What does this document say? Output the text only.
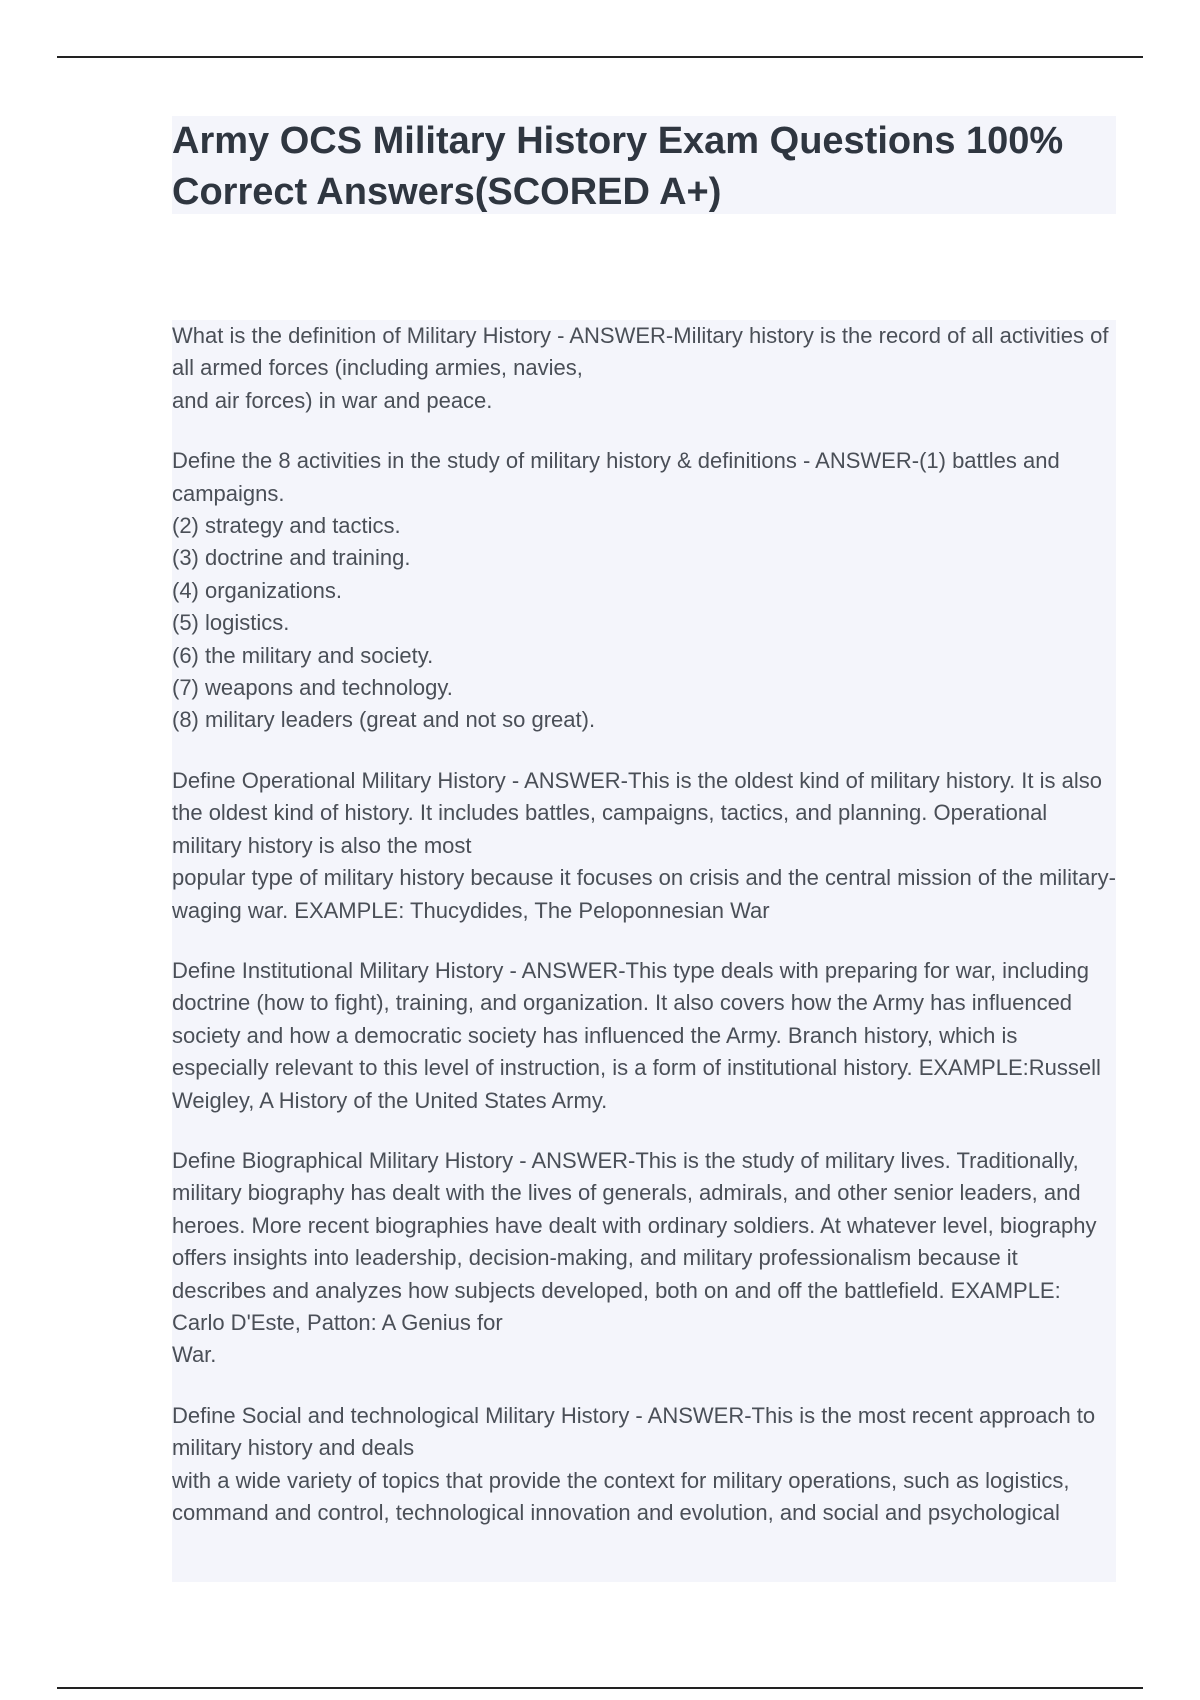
Army OCS Military History Exam Questions 100% Correct Answers(SCORED A+)

What is the definition of Military History - ANSWER-Military history is the record of all activities of all armed forces (including armies, navies,
and air forces) in war and peace.

Define the 8 activities in the study of military history & definitions - ANSWER-(1) battles and campaigns.
(2) strategy and tactics.
(3) doctrine and training.
(4) organizations.
(5) logistics.
(6) the military and society.
(7) weapons and technology.
(8) military leaders (great and not so great).

Define Operational Military History - ANSWER-This is the oldest kind of military history. It is also the oldest kind of history. It includes battles, campaigns, tactics, and planning. Operational military history is also the most
popular type of military history because it focuses on crisis and the central mission of the military-waging war. EXAMPLE: Thucydides, The Peloponnesian War

Define Institutional Military History - ANSWER-This type deals with preparing for war, including doctrine (how to fight), training, and organization. It also covers how the Army has influenced society and how a democratic society has influenced the Army. Branch history, which is especially relevant to this level of instruction, is a form of institutional history. EXAMPLE:Russell Weigley, A History of the United States Army.

Define Biographical Military History - ANSWER-This is the study of military lives. Traditionally, military biography has dealt with the lives of generals, admirals, and other senior leaders, and heroes. More recent biographies have dealt with ordinary soldiers. At whatever level, biography offers insights into leadership, decision-making, and military professionalism because it describes and analyzes how subjects developed, both on and off the battlefield. EXAMPLE: Carlo D'Este, Patton: A Genius for
War.

Define Social and technological Military History - ANSWER-This is the most recent approach to military history and deals
with a wide variety of topics that provide the context for military operations, such as logistics,
command and control, technological innovation and evolution, and social and psychological
